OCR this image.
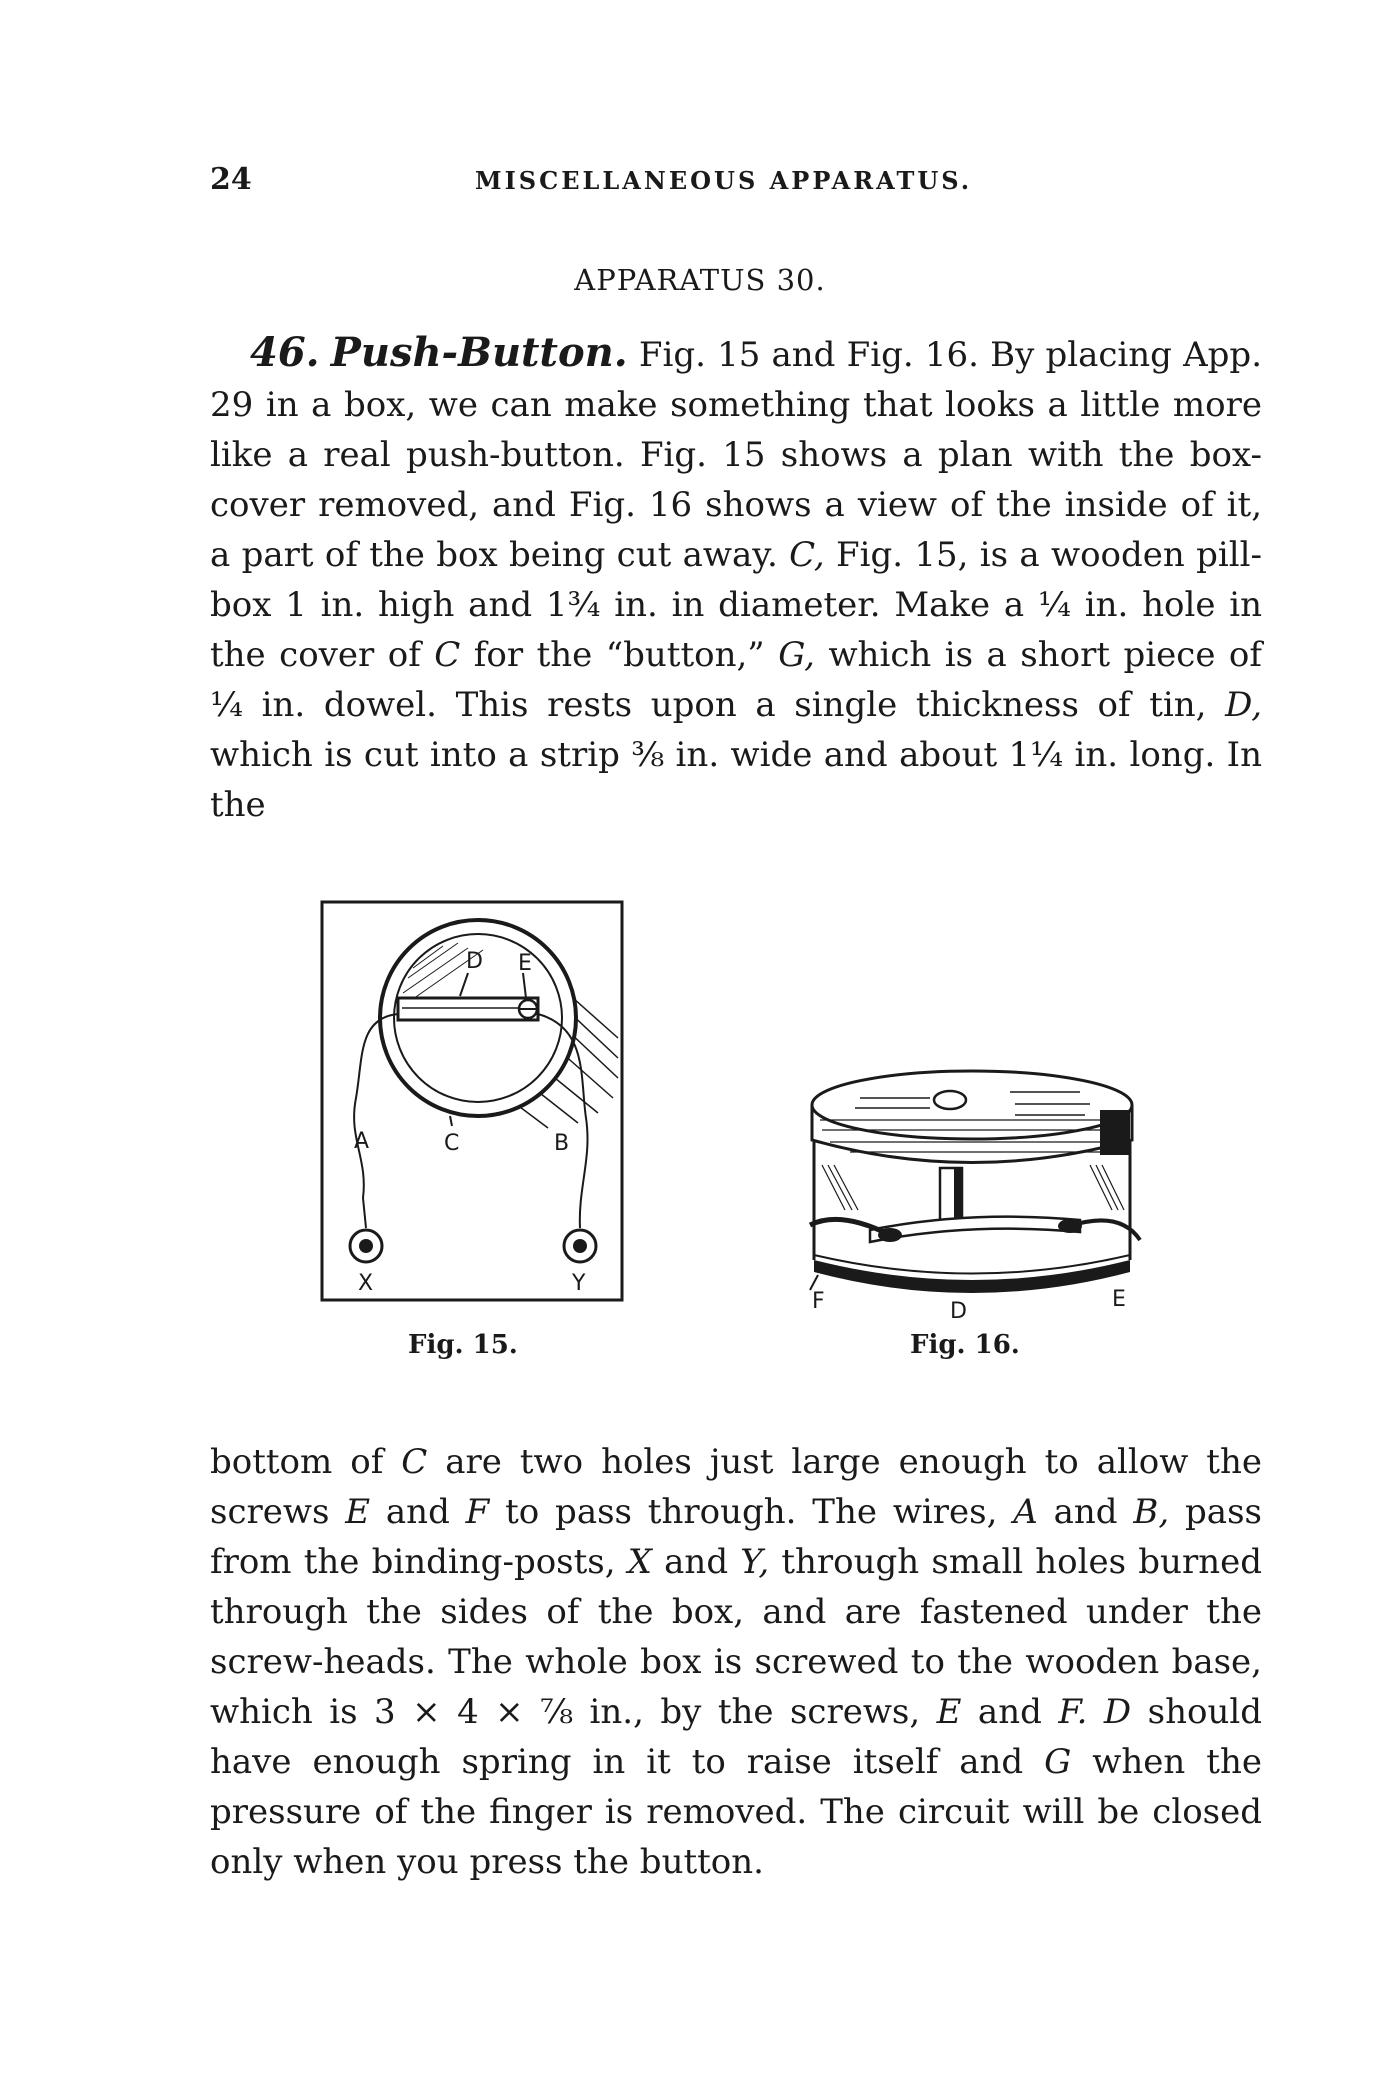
24	MISCELLANEOUS APPARATUS.
APPARATUS 30.

46. Push-Button. Fig. 15 and Fig. 16. By placing App. 29 in a box, we can make something that looks a little more like a real push-button. Fig. 15 shows a plan with the box-cover removed, and Fig. 16 shows a view of the inside of it, a part of the box being cut away. C, Fig. 15, is a wooden pill-box 1 in. high and 1¾ in. in diameter. Make a ¼ in. hole in the cover of C for the “button,” G, which is a short piece of ¼ in. dowel. This rests upon a single thickness of tin, D, which is cut into a strip ⅜ in. wide and about 1¼ in. long. In the

D E
A	C	B
X	Y
F	D	E
Fig. 15.	Fig. 16.

bottom of C are two holes just large enough to allow the screws E and F to pass through. The wires, A and B, pass from the binding-posts, X and Y, through small holes burned through the sides of the box, and are fastened under the screw-heads. The whole box is screwed to the wooden base, which is 3 × 4 × ⅞ in., by the screws, E and F. D should have enough spring in it to raise itself and G when the pressure of the finger is removed. The circuit will be closed only when you press the button.
